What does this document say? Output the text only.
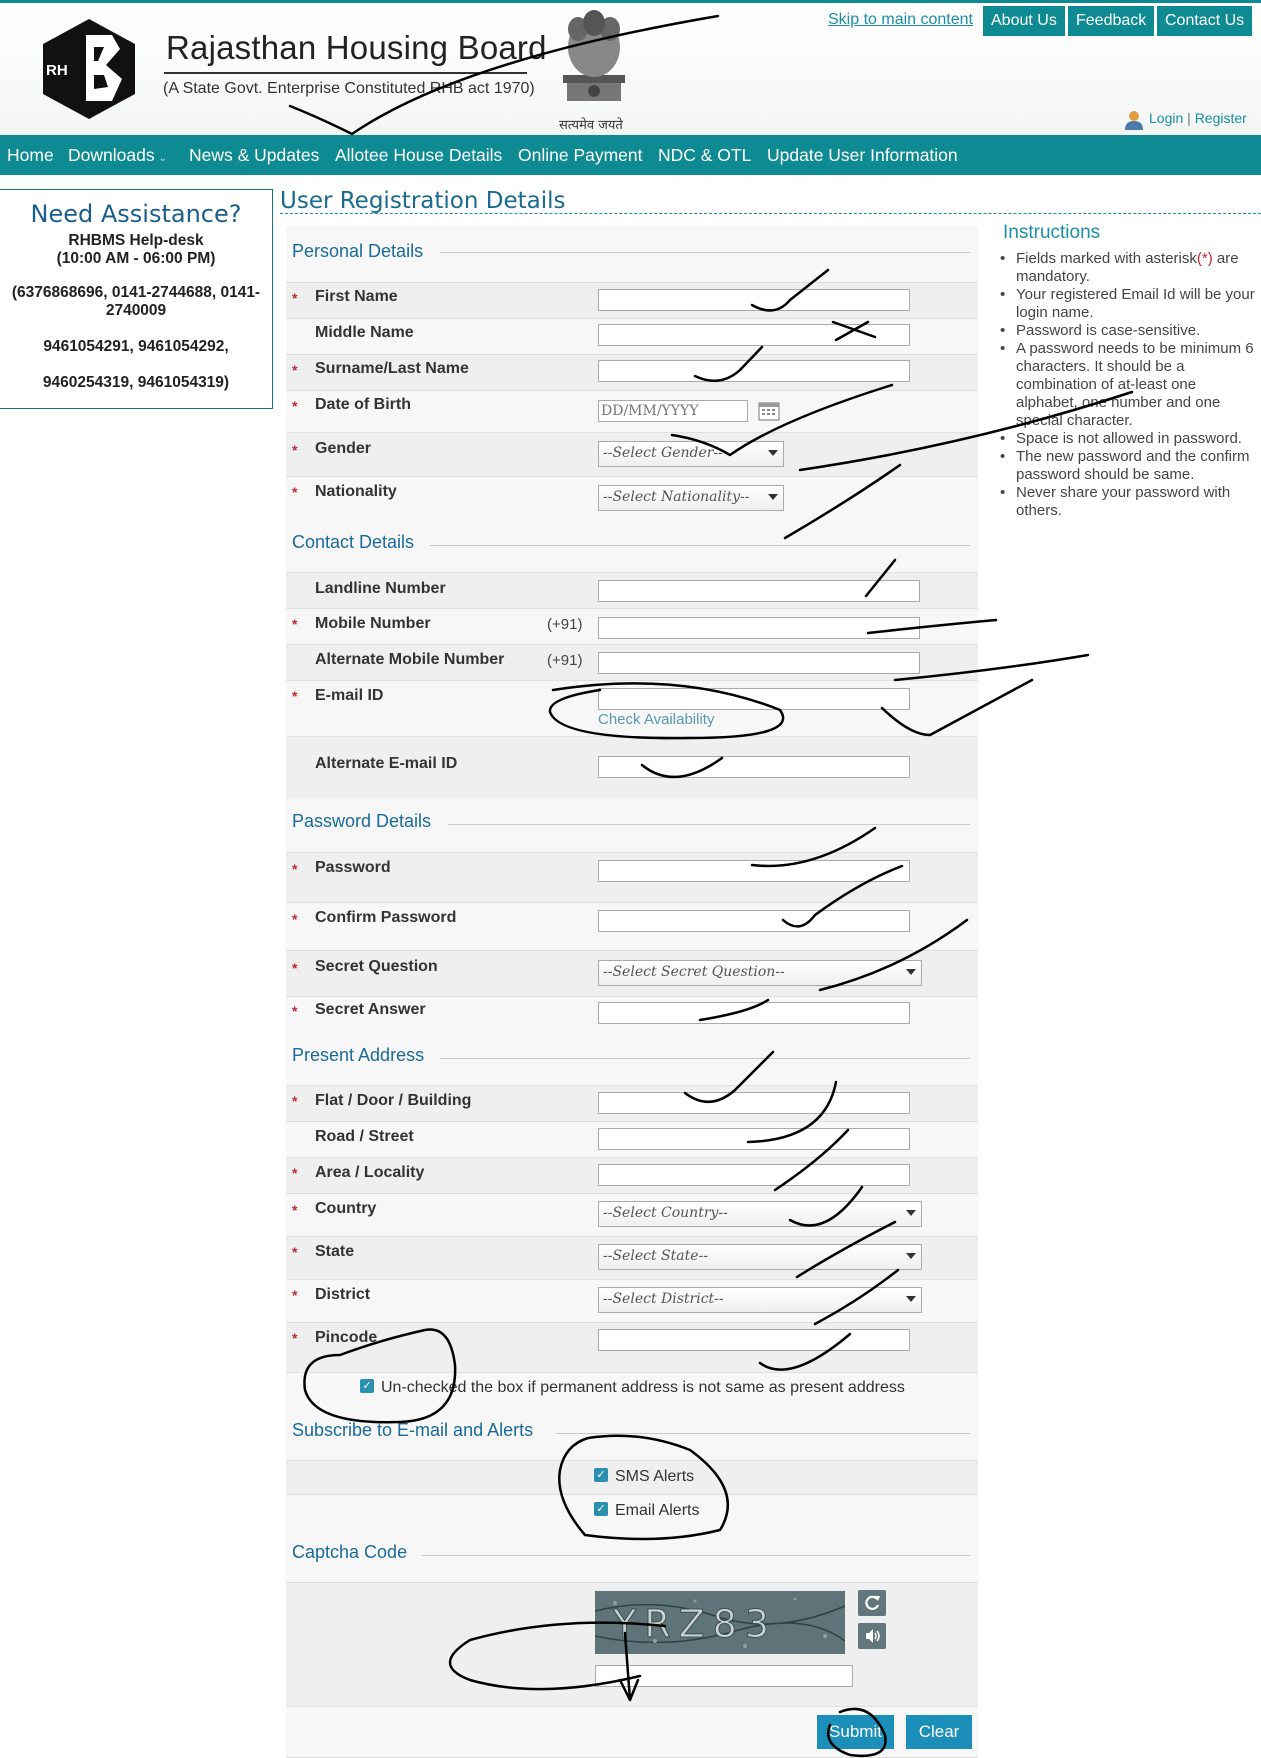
RH
Rajasthan Housing Board
(A State Govt. Enterprise Constituted RHB act 1970)
सत्यमेव जयते
Skip to main content	About Us	Feedback	Contact Us
Login | Register
Home Downloads ⌄ News & Updates Allotee House Details Online Payment NDC & OTL Update User Information
Need Assistance?
RHBMS Help-desk
(10:00 AM - 06:00 PM)
(6376868696, 0141-2744688, 0141-2740009
9461054291, 9461054292,
9460254319, 9461054319)
User Registration Details
Personal Details
* First Name
Middle Name
* Surname/Last Name
* Date of Birth
DD/MM/YYYY
* Gender	--Select Gender--
* Nationality	--Select Nationality--
Contact Details
Landline Number
* Mobile Number	(+91)
Alternate Mobile Number	(+91)
* E-mail ID
Check Availability
Alternate E-mail ID
Password Details
* Password
* Confirm Password
* Secret Question	--Select Secret Question--
* Secret Answer
Present Address
* Flat / Door / Building
Road / Street
* Area / Locality
* Country	--Select Country--
* State	--Select State--
* District	--Select District--
* Pincode
✓ Un-checked the box if permanent address is not same as present address
Subscribe to E-mail and Alerts
✓ SMS Alerts
✓ Email Alerts
Captcha Code
YRZ83
Submit	Clear
Instructions
• Fields marked with asterisk(*) are mandatory.
• Your registered Email Id will be your login name.
• Password is case-sensitive.
• A password needs to be minimum 6 characters. It should be a combination of at-least one alphabet, one number and one special character.
• Space is not allowed in password.
• The new password and the confirm password should be same.
• Never share your password with others.
